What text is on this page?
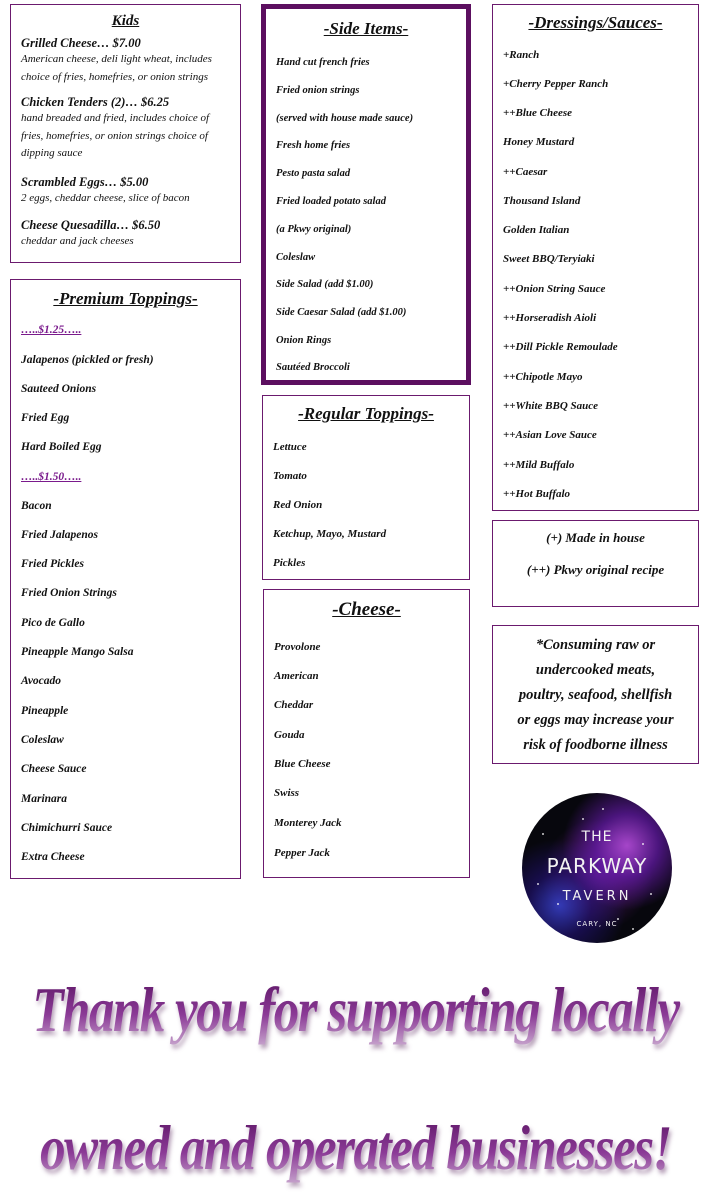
Kids
Grilled Cheese… $7.00
American cheese, deli light wheat, includes
choice of fries, homefries, or onion strings
Chicken Tenders (2)… $6.25
hand breaded and fried, includes choice of
fries, homefries, or onion strings choice of
dipping sauce
Scrambled Eggs… $5.00
2 eggs, cheddar cheese, slice of bacon
Cheese Quesadilla… $6.50
cheddar and jack cheeses
-Premium Toppings-
…..$1.25…..
Jalapenos (pickled or fresh)
Sauteed Onions
Fried Egg
Hard Boiled Egg
…..$1.50…..
Bacon
Fried Jalapenos
Fried Pickles
Fried Onion Strings
Pico de Gallo
Pineapple Mango Salsa
Avocado
Pineapple
Coleslaw
Cheese Sauce
Marinara
Chimichurri Sauce
Extra Cheese
-Side Items-
Hand cut french fries
Fried onion strings
(served with house made sauce)
Fresh home fries
Pesto pasta salad
Fried loaded potato salad
(a Pkwy original)
Coleslaw
Side Salad (add $1.00)
Side Caesar Salad (add $1.00)
Onion Rings
Sautéed Broccoli
-Regular Toppings-
Lettuce
Tomato
Red Onion
Ketchup, Mayo, Mustard
Pickles
-Cheese-
Provolone
American
Cheddar
Gouda
Blue Cheese
Swiss
Monterey Jack
Pepper Jack
-Dressings/Sauces-
+Ranch
+Cherry Pepper Ranch
++Blue Cheese
Honey Mustard
++Caesar
Thousand Island
Golden Italian
Sweet BBQ/Teryiaki
++Onion String Sauce
++Horseradish Aioli
++Dill Pickle Remoulade
++Chipotle Mayo
++White BBQ Sauce
++Asian Love Sauce
++Mild Buffalo
++Hot Buffalo
(+) Made in house
(++) Pkwy original recipe
*Consuming raw or
undercooked meats,
poultry, seafood, shellfish
or eggs may increase your
risk of foodborne illness
THE
PARKWAY
TAVERN
CARY, NC
Thank you for supporting locally
owned and operated businesses!
